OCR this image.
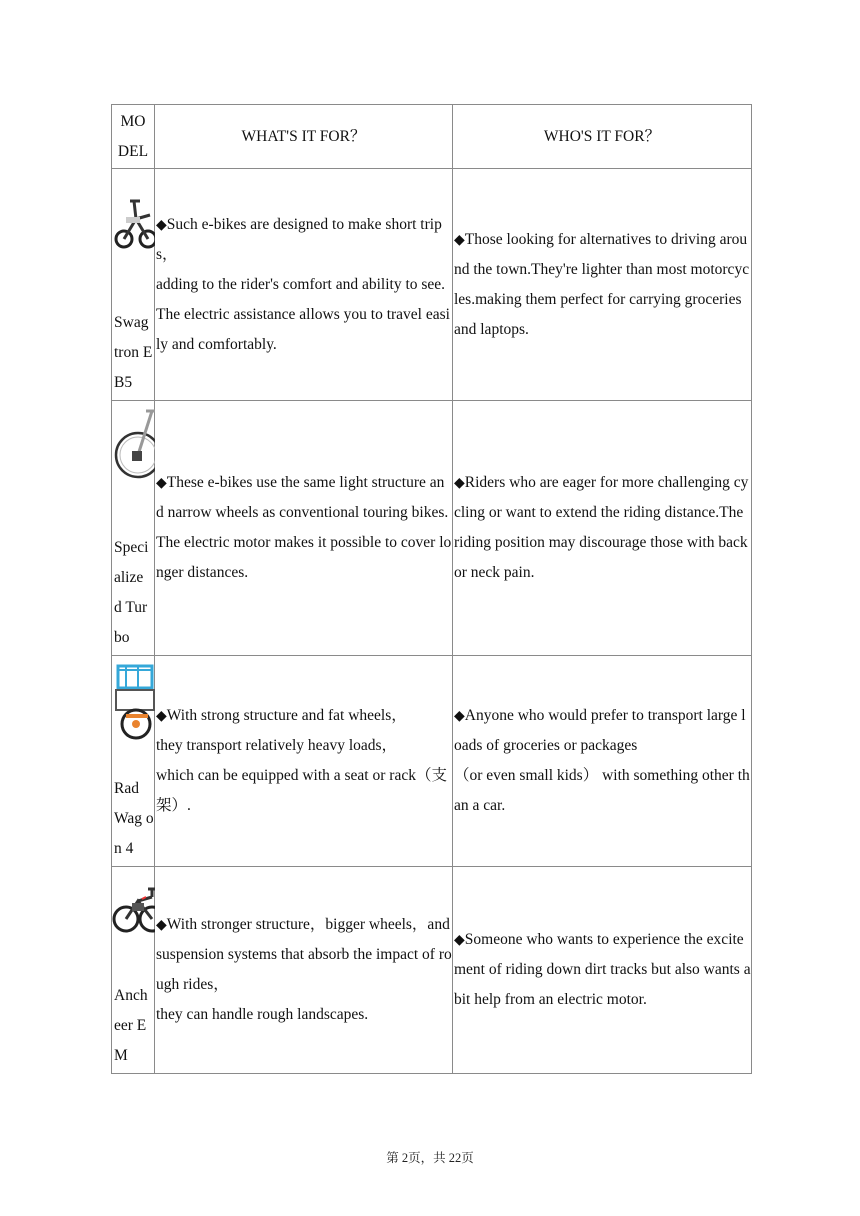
MO DEL	WHAT'S IT FOR？	WHO'S IT FOR？

Swag tron EB5	◆Such e-bikes are designed to make short trips，
adding to the rider's comfort and ability to see.The electric assistance allows you to travel easily and comfortably.	◆Those looking for alternatives to driving around the town.They're lighter than most motorcycles.making them perfect for carrying groceries and laptops.

Speci alize d Tur bo	◆These e-bikes use the same light structure and narrow wheels as conventional touring bikes.The electric motor makes it possible to cover longer distances.	◆Riders who are eager for more challenging cycling or want to extend the riding distance.The riding position may discourage those with back or neck pain.

Rad Wag on 4	◆With strong structure and fat wheels，
they transport relatively heavy loads，
which can be equipped with a seat or rack（支架）.	◆Anyone who would prefer to transport large loads of groceries or packages
（or even small kids） with something other than a car.

Anch eer E M	◆With stronger structure，bigger wheels，and suspension systems that absorb the impact of rough rides，
they can handle rough landscapes.	◆Someone who wants to experience the excitement of riding down dirt tracks but also wants a bit help from an electric motor.
第 2页，共 22页
